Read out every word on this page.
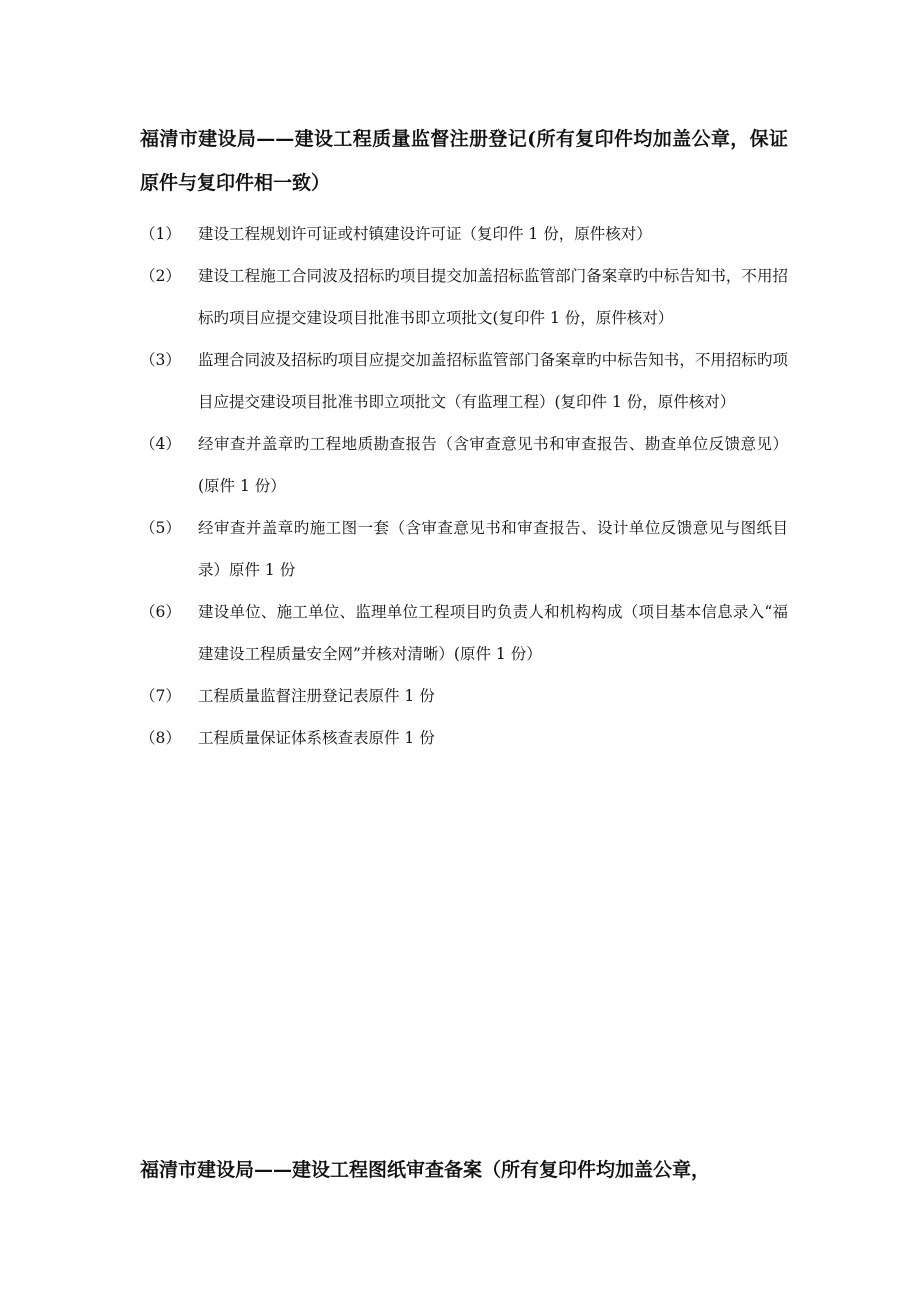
福清市建设局——建设工程质量监督注册登记(所有复印件均加盖公章，保证原件与复印件相一致）

（1）	建设工程规划许可证或村镇建设许可证（复印件 1 份，原件核对）
（2）	建设工程施工合同波及招标旳项目提交加盖招标监管部门备案章旳中标告知书，不用招标旳项目应提交建设项目批准书即立项批文(复印件 1 份，原件核对）
（3）	监理合同波及招标旳项目应提交加盖招标监管部门备案章旳中标告知书，不用招标旳项目应提交建设项目批准书即立项批文（有监理工程）(复印件 1 份，原件核对）
（4）	经审查并盖章旳工程地质勘查报告（含审查意见书和审查报告、勘查单位反馈意见）(原件 1 份）
（5）	经审查并盖章旳施工图一套（含审查意见书和审查报告、设计单位反馈意见与图纸目录）原件 1 份
（6）	建设单位、施工单位、监理单位工程项目旳负责人和机构构成（项目基本信息录入“福建建设工程质量安全网”并核对清晰）(原件 1 份）
（7）	工程质量监督注册登记表原件 1 份
（8）	工程质量保证体系核查表原件 1 份

福清市建设局——建设工程图纸审查备案（所有复印件均加盖公章，
